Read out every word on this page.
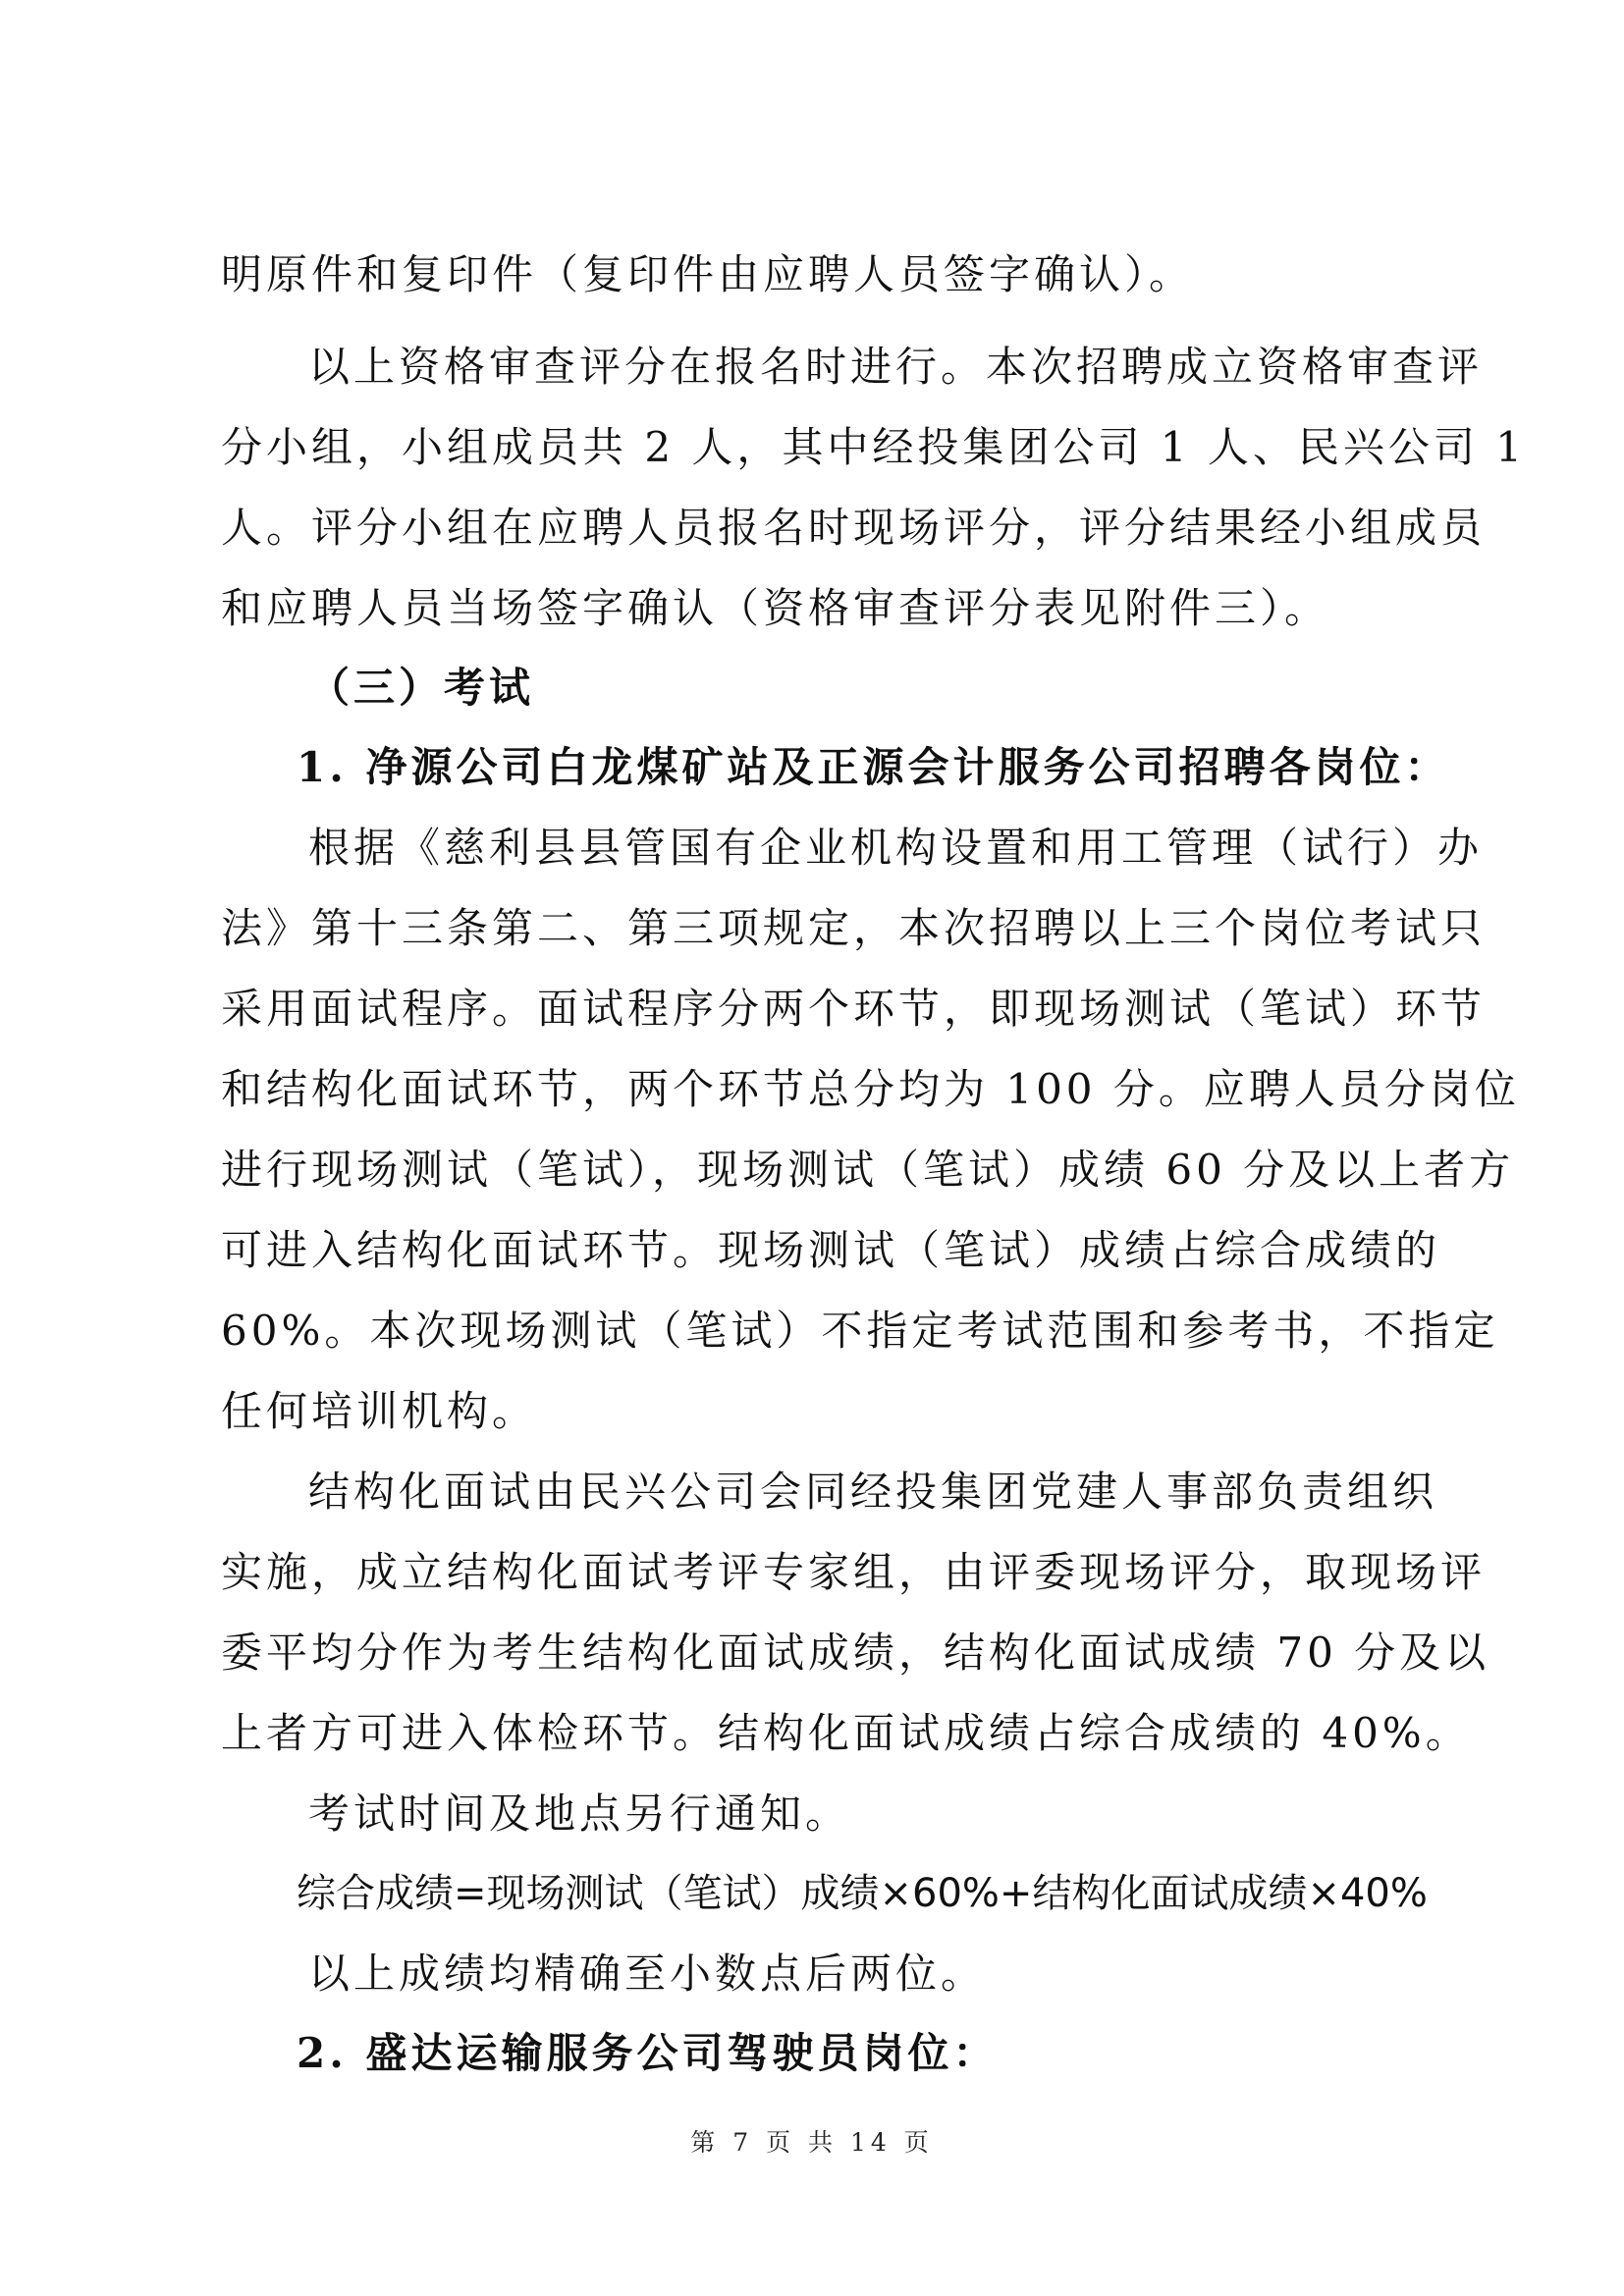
明原件和复印件（复印件由应聘人员签字确认）。

以上资格审查评分在报名时进行。本次招聘成立资格审查评

分小组，小组成员共 2 人，其中经投集团公司 1 人、民兴公司 1

人。评分小组在应聘人员报名时现场评分，评分结果经小组成员

和应聘人员当场签字确认（资格审查评分表见附件三）。

（三）考试

1. 净源公司白龙煤矿站及正源会计服务公司招聘各岗位：

根据《慈利县县管国有企业机构设置和用工管理（试行）办

法》第十三条第二、第三项规定，本次招聘以上三个岗位考试只

采用面试程序。面试程序分两个环节，即现场测试（笔试）环节

和结构化面试环节，两个环节总分均为 100 分。应聘人员分岗位

进行现场测试（笔试），现场测试（笔试）成绩 60 分及以上者方

可进入结构化面试环节。现场测试（笔试）成绩占综合成绩的

60%。本次现场测试（笔试）不指定考试范围和参考书，不指定

任何培训机构。

结构化面试由民兴公司会同经投集团党建人事部负责组织

实施，成立结构化面试考评专家组，由评委现场评分，取现场评

委平均分作为考生结构化面试成绩，结构化面试成绩 70 分及以

上者方可进入体检环节。结构化面试成绩占综合成绩的 40%。

考试时间及地点另行通知。

综合成绩=现场测试（笔试）成绩×60%+结构化面试成绩×40%

以上成绩均精确至小数点后两位。

2. 盛达运输服务公司驾驶员岗位：

第 7 页 共 14 页
